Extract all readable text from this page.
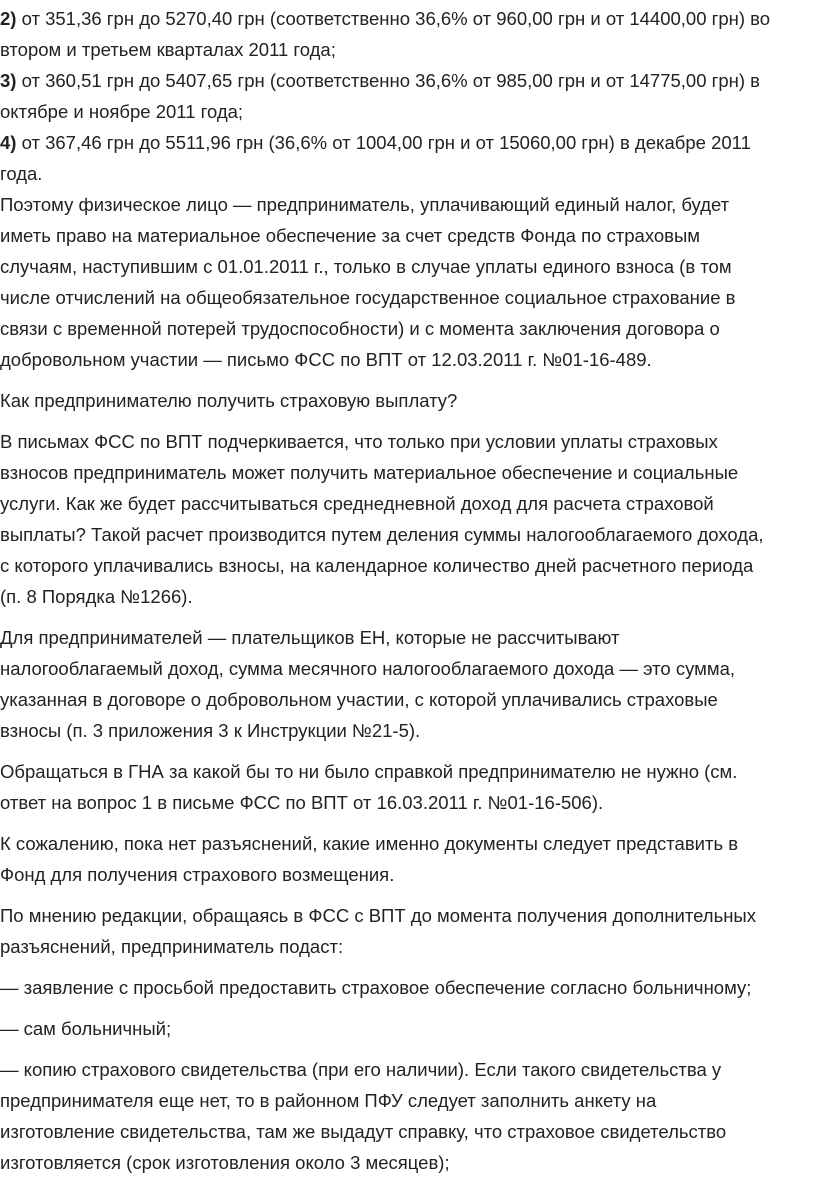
2) от 351,36 грн до 5270,40 грн (соответственно 36,6% от 960,00 грн и от 14400,00 грн) во
втором и третьем кварталах 2011 года;
3) от 360,51 грн до 5407,65 грн (соответственно 36,6% от 985,00 грн и от 14775,00 грн) в
октябре и ноябре 2011 года;
4) от 367,46 грн до 5511,96 грн (36,6% от 1004,00 грн и от 15060,00 грн) в декабре 2011
года.
Поэтому физическое лицо — предприниматель, уплачивающий единый налог, будет
иметь право на материальное обеспечение за счет средств Фонда по страховым
случаям, наступившим с 01.01.2011 г., только в случае уплаты единого взноса (в том
числе отчислений на общеобязательное государственное социальное страхование в
связи с временной потерей трудоспособности) и с момента заключения договора о
добровольном участии — письмо ФСС по ВПТ от 12.03.2011 г. №01-16-489.
Как предпринимателю получить страховую выплату?
В письмах ФСС по ВПТ подчеркивается, что только при условии уплаты страховых
взносов предприниматель может получить материальное обеспечение и социальные
услуги. Как же будет рассчитываться среднедневной доход для расчета страховой
выплаты? Такой расчет производится путем деления суммы налогооблагаемого дохода,
с которого уплачивались взносы, на календарное количество дней расчетного периода
(п. 8 Порядка №1266).
Для предпринимателей — плательщиков ЕН, которые не рассчитывают
налогооблагаемый доход, сумма месячного налогооблагаемого дохода — это сумма,
указанная в договоре о добровольном участии, с которой уплачивались страховые
взносы (п. 3 приложения 3 к Инструкции №21-5).
Обращаться в ГНА за какой бы то ни было справкой предпринимателю не нужно (см.
ответ на вопрос 1 в письме ФСС по ВПТ от 16.03.2011 г. №01-16-506).
К сожалению, пока нет разъяснений, какие именно документы следует представить в
Фонд для получения страхового возмещения.
По мнению редакции, обращаясь в ФСС с ВПТ до момента получения дополнительных
разъяснений, предприниматель подаст:
— заявление с просьбой предоставить страховое обеспечение согласно больничному;
— сам больничный;
— копию страхового свидетельства (при его наличии). Если такого свидетельства у
предпринимателя еще нет, то в районном ПФУ следует заполнить анкету на
изготовление свидетельства, там же выдадут справку, что страховое свидетельство
изготовляется (срок изготовления около 3 месяцев);
